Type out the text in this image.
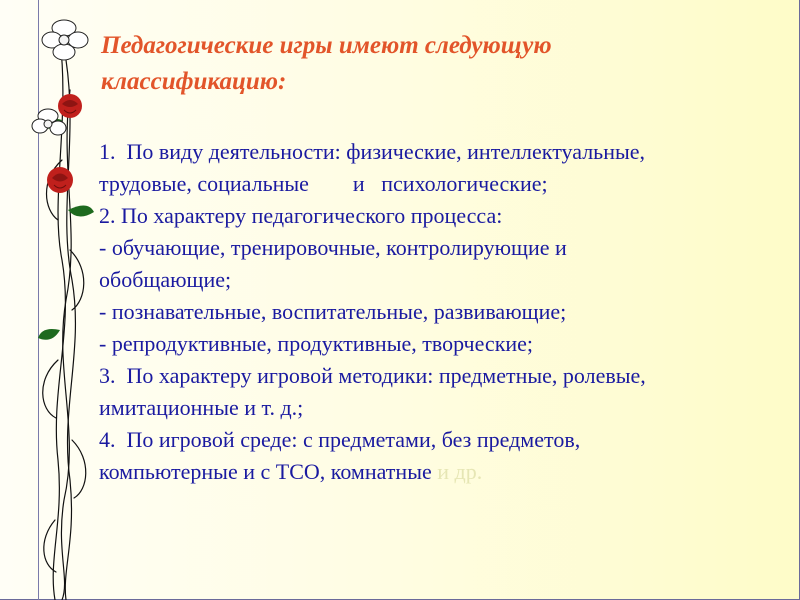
Педагогические игры имеют следующую
классификацию:
1.  По виду деятельности: физические, интеллектуальные,
трудовые, социальные        и   психологические;
2. По характеру педагогического процесса:
- обучающие, тренировочные, контролирующие и
обобщающие;
- познавательные, воспитательные, развивающие;
- репродуктивные, продуктивные, творческие;
3.  По характеру игровой методики: предметные, ролевые,
имитационные и т. д.;
4.  По игровой среде: с предметами, без предметов,
компьютерные и с ТСО, комнатные и др.
